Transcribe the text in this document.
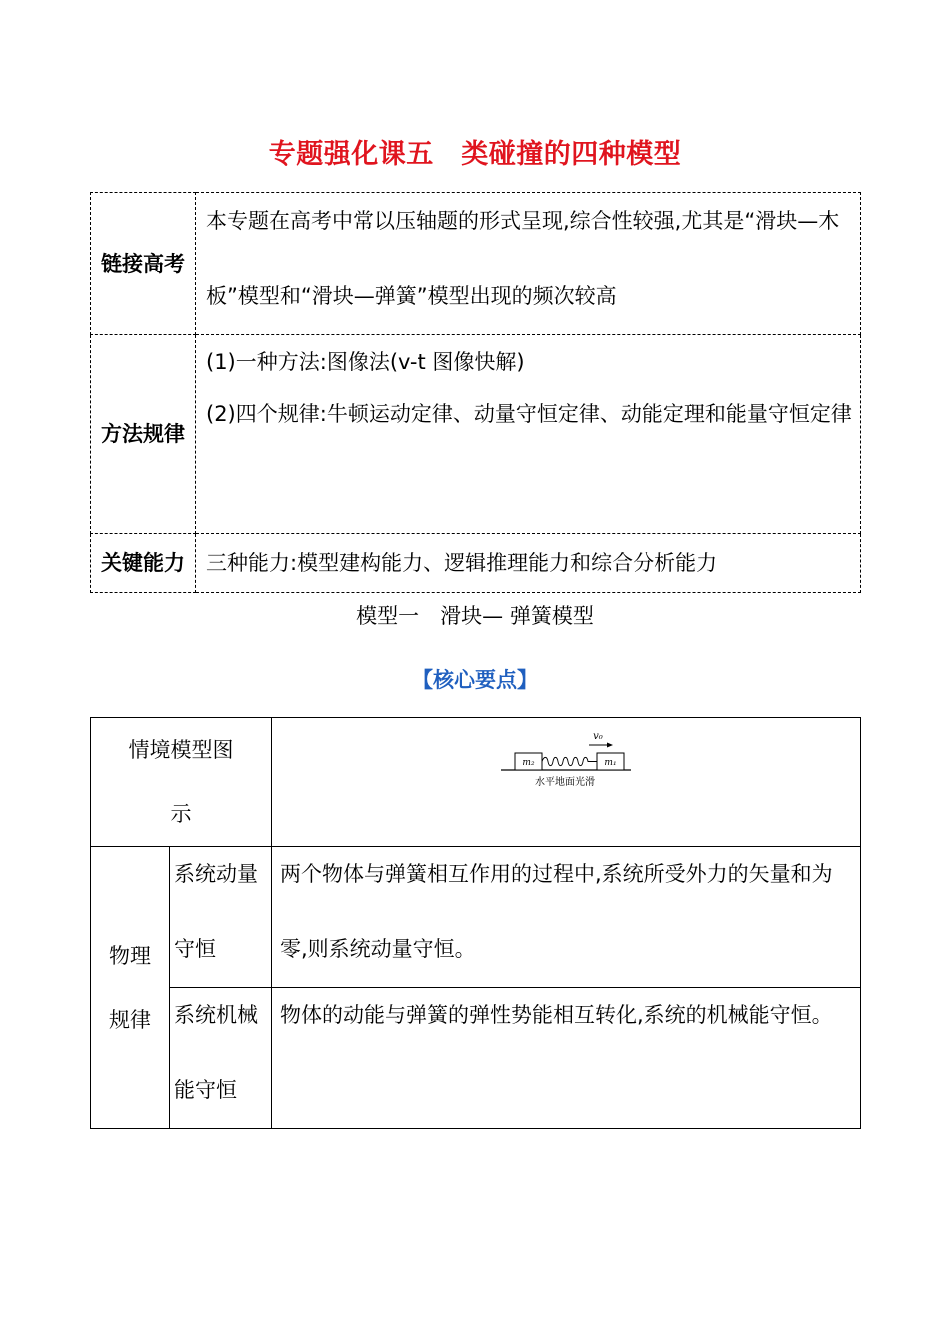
专题强化课五　类碰撞的四种模型
链接高考	本专题在高考中常以压轴题的形式呈现,综合性较强,尤其是“滑块—木板”模型和“滑块—弹簧”模型出现的频次较高

方法规律	(1)一种方法:图像法(v-t 图像快解)
(2)四个规律:牛顿运动定律、动量守恒定律、动能定理和能量守恒定律

关键能力	三种能力:模型建构能力、逻辑推理能力和综合分析能力
模型一　滑块— 弹簧模型
【核心要点】
情境模型图示		v₀
m₂ m₁
水平地面光滑

物理规律	系统动量守恒	两个物体与弹簧相互作用的过程中,系统所受外力的矢量和为零,则系统动量守恒。

	系统机械能守恒	物体的动能与弹簧的弹性势能相互转化,系统的机械能守恒。
